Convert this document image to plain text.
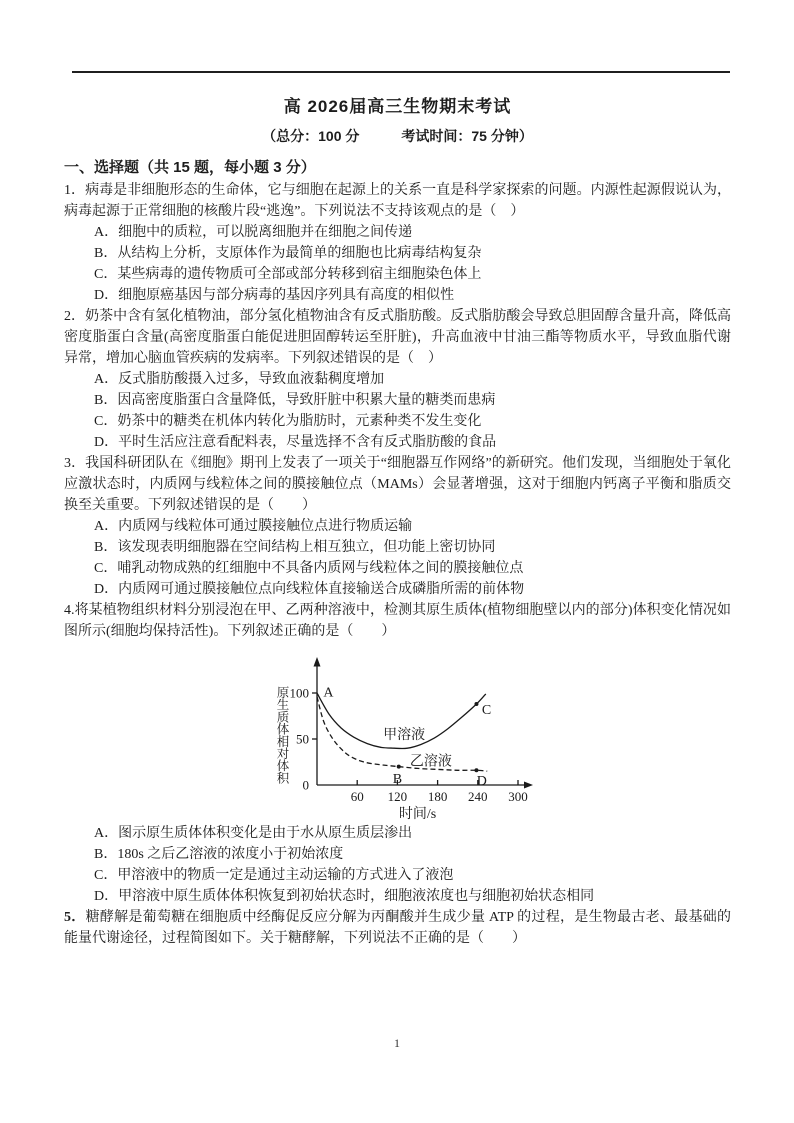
高 2026届高三生物期末考试
（总分：100 分　　　考试时间：75 分钟）
一、选择题（共 15 题，每小题 3 分）

1．病毒是非细胞形态的生命体，它与细胞在起源上的关系一直是科学家探索的问题。内源性起源假说认为，病毒起源于正常细胞的核酸片段“逃逸”。下列说法不支持该观点的是（　）

A．细胞中的质粒，可以脱离细胞并在细胞之间传递

B．从结构上分析，支原体作为最简单的细胞也比病毒结构复杂

C．某些病毒的遗传物质可全部或部分转移到宿主细胞染色体上

D．细胞原癌基因与部分病毒的基因序列具有高度的相似性

2．奶茶中含有氢化植物油，部分氢化植物油含有反式脂肪酸。反式脂肪酸会导致总胆固醇含量升高，降低高密度脂蛋白含量(高密度脂蛋白能促进胆固醇转运至肝脏)，升高血液中甘油三酯等物质水平，导致血脂代谢异常，增加心脑血管疾病的发病率。下列叙述错误的是（　）

A．反式脂肪酸摄入过多，导致血液黏稠度增加

B．因高密度脂蛋白含量降低，导致肝脏中积累大量的糖类而患病

C．奶茶中的糖类在机体内转化为脂肪时，元素种类不发生变化

D．平时生活应注意看配料表，尽量选择不含有反式脂肪酸的食品

3．我国科研团队在《细胞》期刊上发表了一项关于“细胞器互作网络”的新研究。他们发现，当细胞处于氧化应激状态时，内质网与线粒体之间的膜接触位点（MAMs）会显著增强，这对于细胞内钙离子平衡和脂质交换至关重要。下列叙述错误的是（　　）

A．内质网与线粒体可通过膜接触位点进行物质运输

B．该发现表明细胞器在空间结构上相互独立，但功能上密切协同

C．哺乳动物成熟的红细胞中不具备内质网与线粒体之间的膜接触位点

D．内质网可通过膜接触位点向线粒体直接输送合成磷脂所需的前体物

4.将某植物组织材料分别浸泡在甲、乙两种溶液中，检测其原生质体(植物细胞壁以内的部分)体积变化情况如图所示(细胞均保持活性)。下列叙述正确的是（　　）

0
50
100
60 120 180 240 300
时间/s
原
生
质
体
相
对
体
积
A
B
C
D
甲溶液
乙溶液

A．图示原生质体体积变化是由于水从原生质层渗出

B．180s 之后乙溶液的浓度小于初始浓度

C．甲溶液中的物质一定是通过主动运输的方式进入了液泡

D．甲溶液中原生质体体积恢复到初始状态时，细胞液浓度也与细胞初始状态相同

5．糖酵解是葡萄糖在细胞质中经酶促反应分解为丙酮酸并生成少量 ATP 的过程，是生物最古老、最基础的能量代谢途径，过程简图如下。关于糖酵解，下列说法不正确的是（　　）

1
